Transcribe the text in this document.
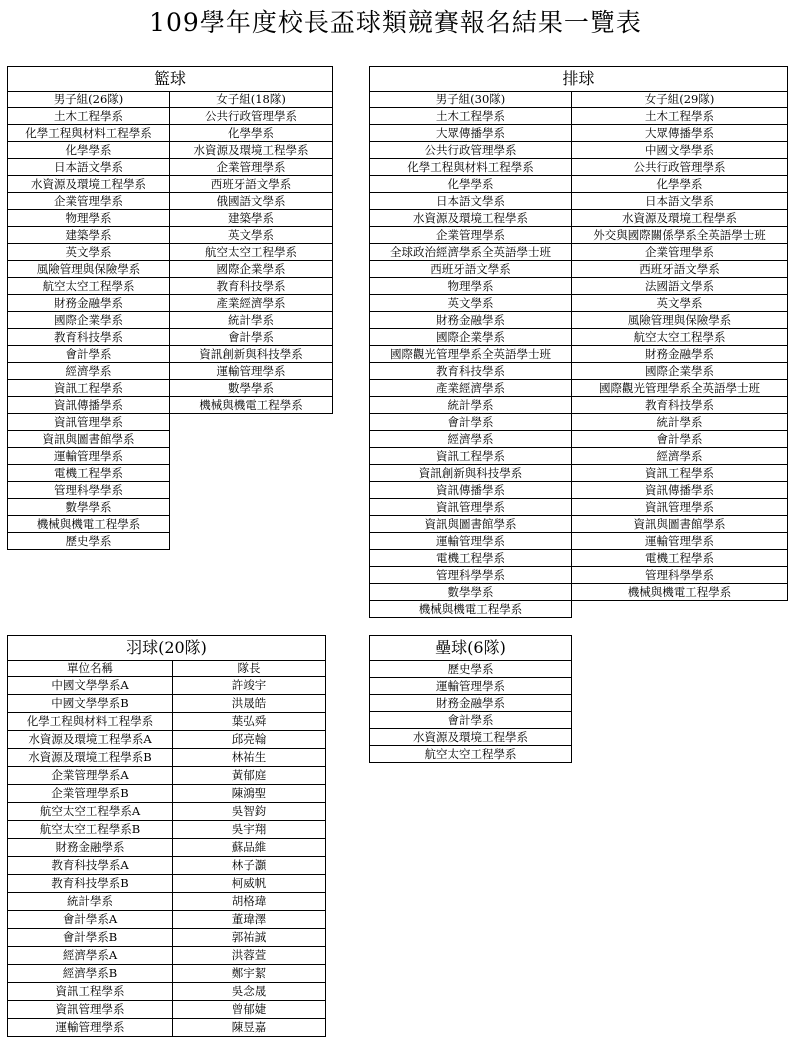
109學年度校長盃球類競賽報名結果一覽表
籃球	
男子組(26隊)	女子組(18隊)
土木工程學系	公共行政管理學系
化學工程與材料工程學系	化學學系
化學學系	水資源及環境工程學系
日本語文學系	企業管理學系
水資源及環境工程學系	西班牙語文學系
企業管理學系	俄國語文學系
物理學系	建築學系
建築學系	英文學系
英文學系	航空太空工程學系
風險管理與保險學系	國際企業學系
航空太空工程學系	教育科技學系
財務金融學系	產業經濟學系
國際企業學系	統計學系
教育科技學系	會計學系
會計學系	資訊創新與科技學系
經濟學系	運輸管理學系
資訊工程學系	數學學系
資訊傳播學系	機械與機電工程學系
資訊管理學系	
資訊與圖書館學系	
運輸管理學系	
電機工程學系	
管理科學學系	
數學學系	
機械與機電工程學系	
歷史學系	
排球	
男子組(30隊)	女子組(29隊)
土木工程學系	土木工程學系
大眾傳播學系	大眾傳播學系
公共行政管理學系	中國文學學系
化學工程與材料工程學系	公共行政管理學系
化學學系	化學學系
日本語文學系	日本語文學系
水資源及環境工程學系	水資源及環境工程學系
企業管理學系	外交與國際關係學系全英語學士班
全球政治經濟學系全英語學士班	企業管理學系
西班牙語文學系	西班牙語文學系
物理學系	法國語文學系
英文學系	英文學系
財務金融學系	風險管理與保險學系
國際企業學系	航空太空工程學系
國際觀光管理學系全英語學士班	財務金融學系
教育科技學系	國際企業學系
產業經濟學系	國際觀光管理學系全英語學士班
統計學系	教育科技學系
會計學系	統計學系
經濟學系	會計學系
資訊工程學系	經濟學系
資訊創新與科技學系	資訊工程學系
資訊傳播學系	資訊傳播學系
資訊管理學系	資訊管理學系
資訊與圖書館學系	資訊與圖書館學系
運輸管理學系	運輸管理學系
電機工程學系	電機工程學系
管理科學學系	管理科學學系
數學學系	機械與機電工程學系
機械與機電工程學系	
羽球(20隊)	
單位名稱	隊長
中國文學學系A	許竣宇
中國文學學系B	洪晟皓
化學工程與材料工程學系	葉弘舜
水資源及環境工程學系A	邱亮翰
水資源及環境工程學系B	林祐生
企業管理學系A	黃郁庭
企業管理學系B	陳鴻聖
航空太空工程學系A	吳智鈞
航空太空工程學系B	吳宇翔
財務金融學系	蘇品維
教育科技學系A	林子灝
教育科技學系B	柯威帆
統計學系	胡格瑋
會計學系A	董瑋澤
會計學系B	郭祐誠
經濟學系A	洪蓉萱
經濟學系B	鄭宇絜
資訊工程學系	吳念晟
資訊管理學系	曾郁婕
運輸管理學系	陳昱嘉
壘球(6隊)
歷史學系
運輸管理學系
財務金融學系
會計學系
水資源及環境工程學系
航空太空工程學系
